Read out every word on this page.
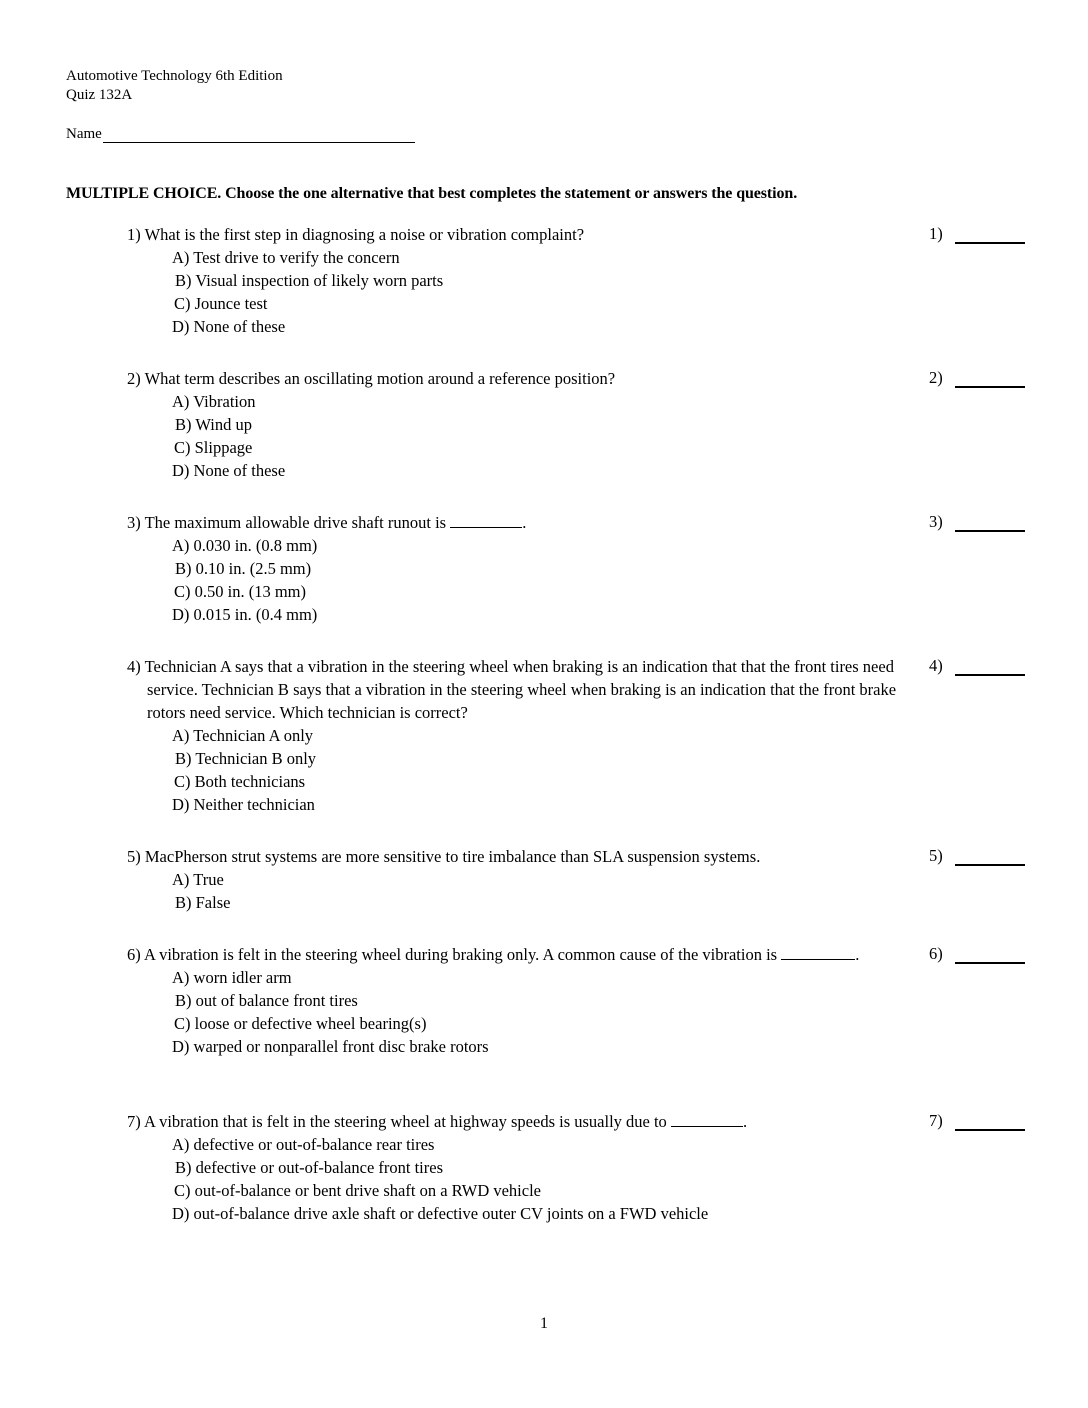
Automotive Technology 6th Edition
Quiz 132A
Name
MULTIPLE CHOICE. Choose the one alternative that best completes the statement or answers the question.
1) What is the first step in diagnosing a noise or vibration complaint?
A) Test drive to verify the concern
B) Visual inspection of likely worn parts
C) Jounce test
D) None of these
1)
2) What term describes an oscillating motion around a reference position?
A) Vibration
B) Wind up
C) Slippage
D) None of these
2)
3) The maximum allowable drive shaft runout is	.
A) 0.030 in. (0.8 mm)
B) 0.10 in. (2.5 mm)
C) 0.50 in. (13 mm)
D) 0.015 in. (0.4 mm)
3)
4) Technician A says that a vibration in the steering wheel when braking is an indication that that the front tires need service. Technician B says that a vibration in the steering wheel when braking is an indication that the front brake rotors need service. Which technician is correct?
A) Technician A only
B) Technician B only
C) Both technicians
D) Neither technician
4)
5) MacPherson strut systems are more sensitive to tire imbalance than SLA suspension systems.
A) True
B) False
5)
6) A vibration is felt in the steering wheel during braking only. A common cause of the vibration is	.
A) worn idler arm
B) out of balance front tires
C) loose or defective wheel bearing(s)
D) warped or nonparallel front disc brake rotors
6)
7) A vibration that is felt in the steering wheel at highway speeds is usually due to	.
A) defective or out-of-balance rear tires
B) defective or out-of-balance front tires
C) out-of-balance or bent drive shaft on a RWD vehicle
D) out-of-balance drive axle shaft or defective outer CV joints on a FWD vehicle
7)
1
